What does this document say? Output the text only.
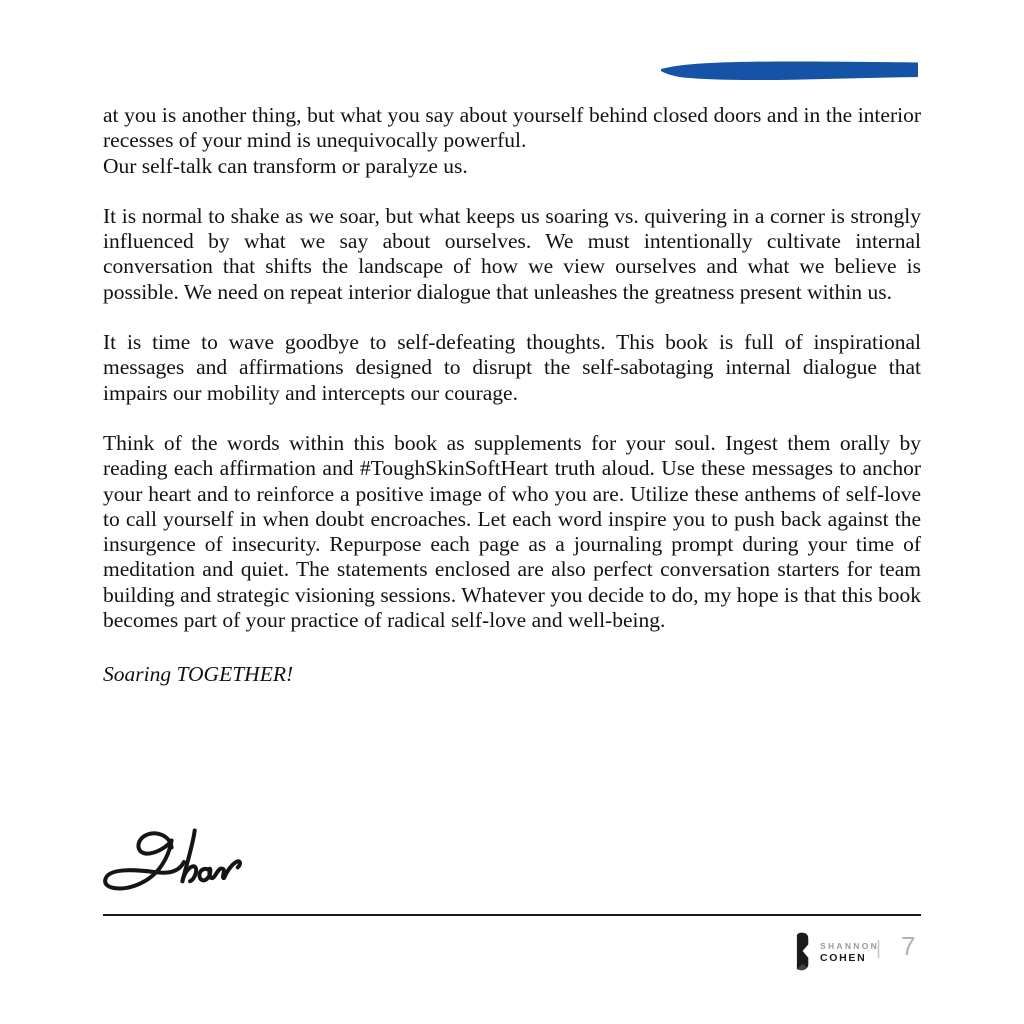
at you is another thing, but what you say about yourself behind closed doors and in the interior recesses of your mind is unequivocally powerful.

Our self-talk can transform or paralyze us.

It is normal to shake as we soar, but what keeps us soaring vs. quivering in a corner is strongly influenced by what we say about ourselves. We must intentionally cultivate internal conversation that shifts the landscape of how we view ourselves and what we believe is possible. We need on repeat interior dialogue that unleashes the greatness present within us.

It is time to wave goodbye to self-defeating thoughts. This book is full of inspirational messages and affirmations designed to disrupt the self-sabotaging internal dialogue that impairs our mobility and intercepts our courage.

Think of the words within this book as supplements for your soul. Ingest them orally by reading each affirmation and #ToughSkinSoftHeart truth aloud. Use these messages to anchor your heart and to reinforce a positive image of who you are. Utilize these anthems of self-love to call yourself in when doubt encroaches. Let each word inspire you to push back against the insurgence of insecurity. Repurpose each page as a journaling prompt during your time of meditation and quiet. The statements enclosed are also perfect conversation starters for team building and strategic visioning sessions. Whatever you decide to do, my hope is that this book becomes part of your practice of radical self-love and well-being.

Soaring TOGETHER!

SHANNON
COHEN | 7
